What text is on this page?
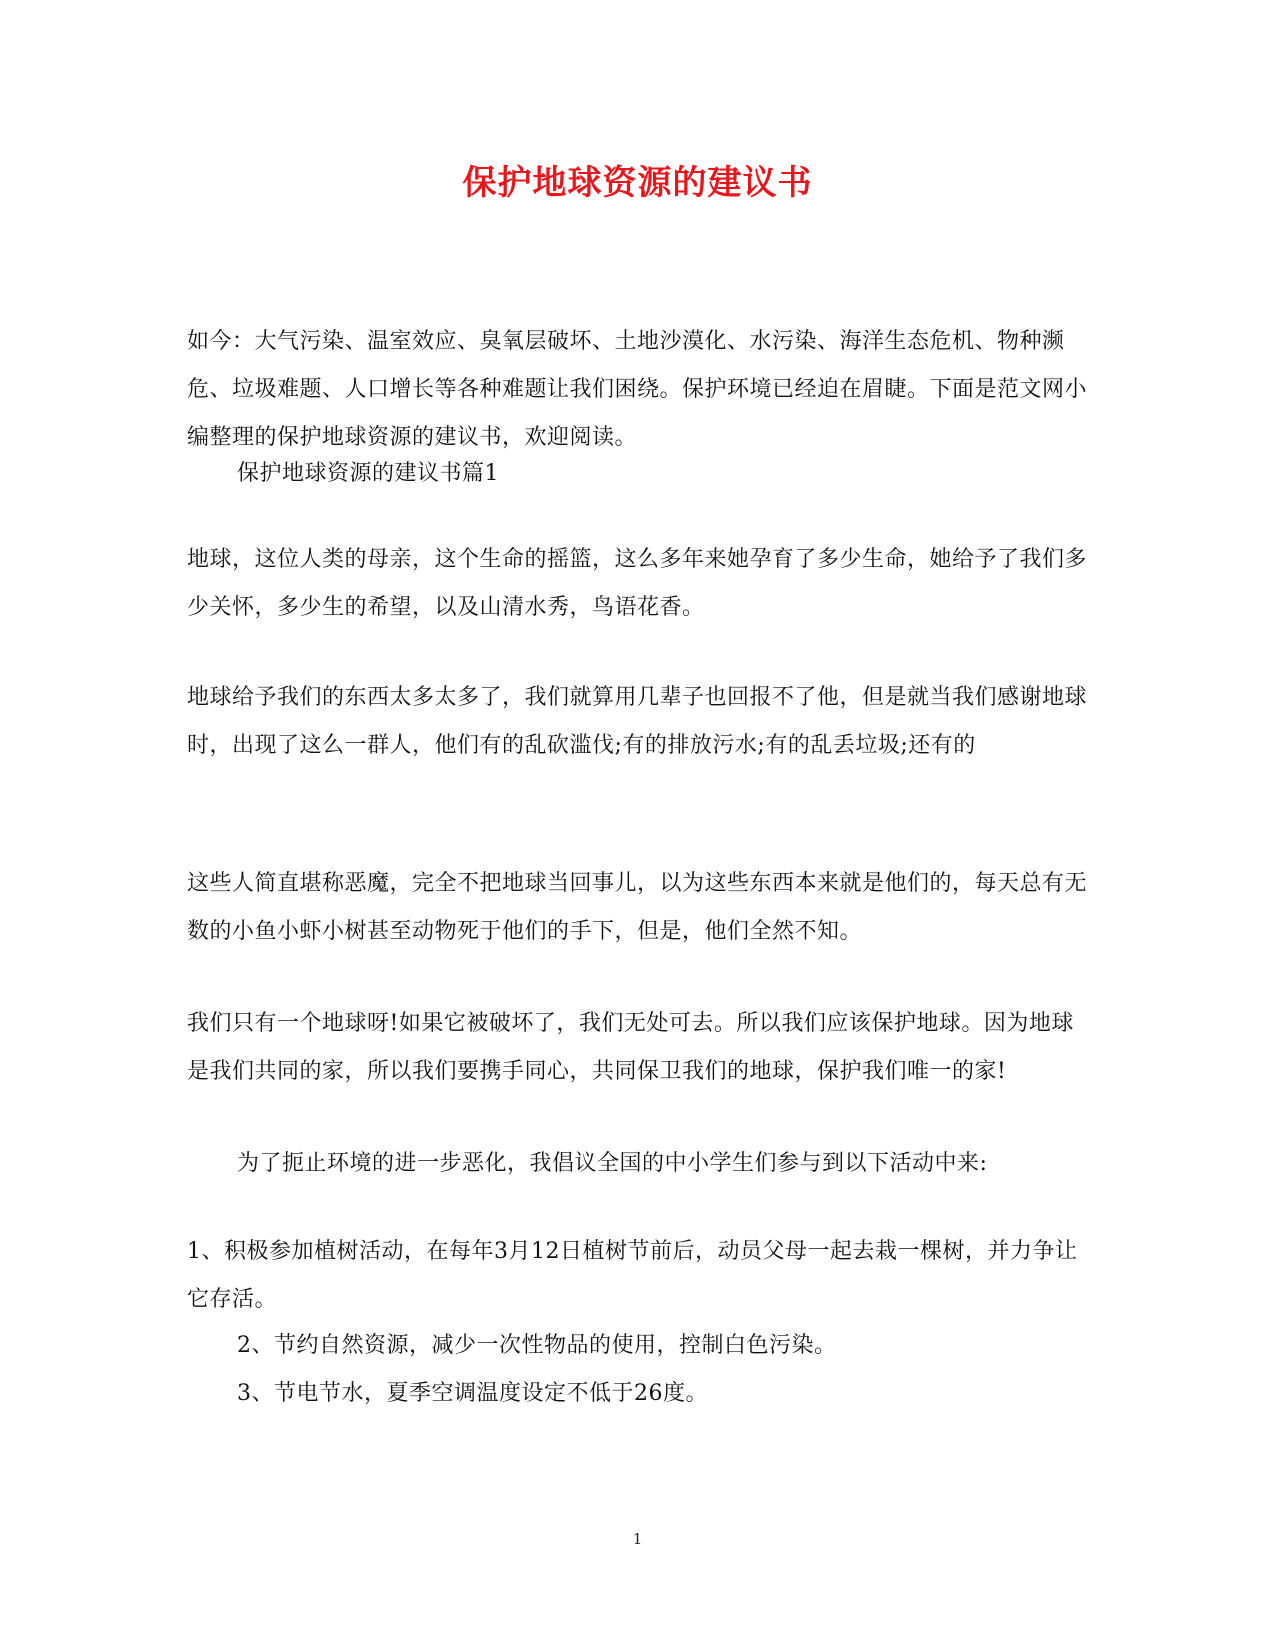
保护地球资源的建议书
如今：大气污染、温室效应、臭氧层破坏、土地沙漠化、水污染、海洋生态危机、物种濒危、垃圾难题、人口增长等各种难题让我们困绕。保护环境已经迫在眉睫。下面是范文网小编整理的保护地球资源的建议书，欢迎阅读。
保护地球资源的建议书篇1
地球，这位人类的母亲，这个生命的摇篮，这么多年来她孕育了多少生命，她给予了我们多少关怀，多少生的希望，以及山清水秀，鸟语花香。
地球给予我们的东西太多太多了，我们就算用几辈子也回报不了他，但是就当我们感谢地球时，出现了这么一群人，他们有的乱砍滥伐;有的排放污水;有的乱丢垃圾;还有的
这些人简直堪称恶魔，完全不把地球当回事儿，以为这些东西本来就是他们的，每天总有无数的小鱼小虾小树甚至动物死于他们的手下，但是，他们全然不知。
我们只有一个地球呀!如果它被破坏了，我们无处可去。所以我们应该保护地球。因为地球是我们共同的家，所以我们要携手同心，共同保卫我们的地球，保护我们唯一的家!
为了扼止环境的进一步恶化，我倡议全国的中小学生们参与到以下活动中来:
1、积极参加植树活动，在每年3月12日植树节前后，动员父母一起去栽一棵树，并力争让它存活。
2、节约自然资源，减少一次性物品的使用，控制白色污染。
3、节电节水，夏季空调温度设定不低于26度。
1
